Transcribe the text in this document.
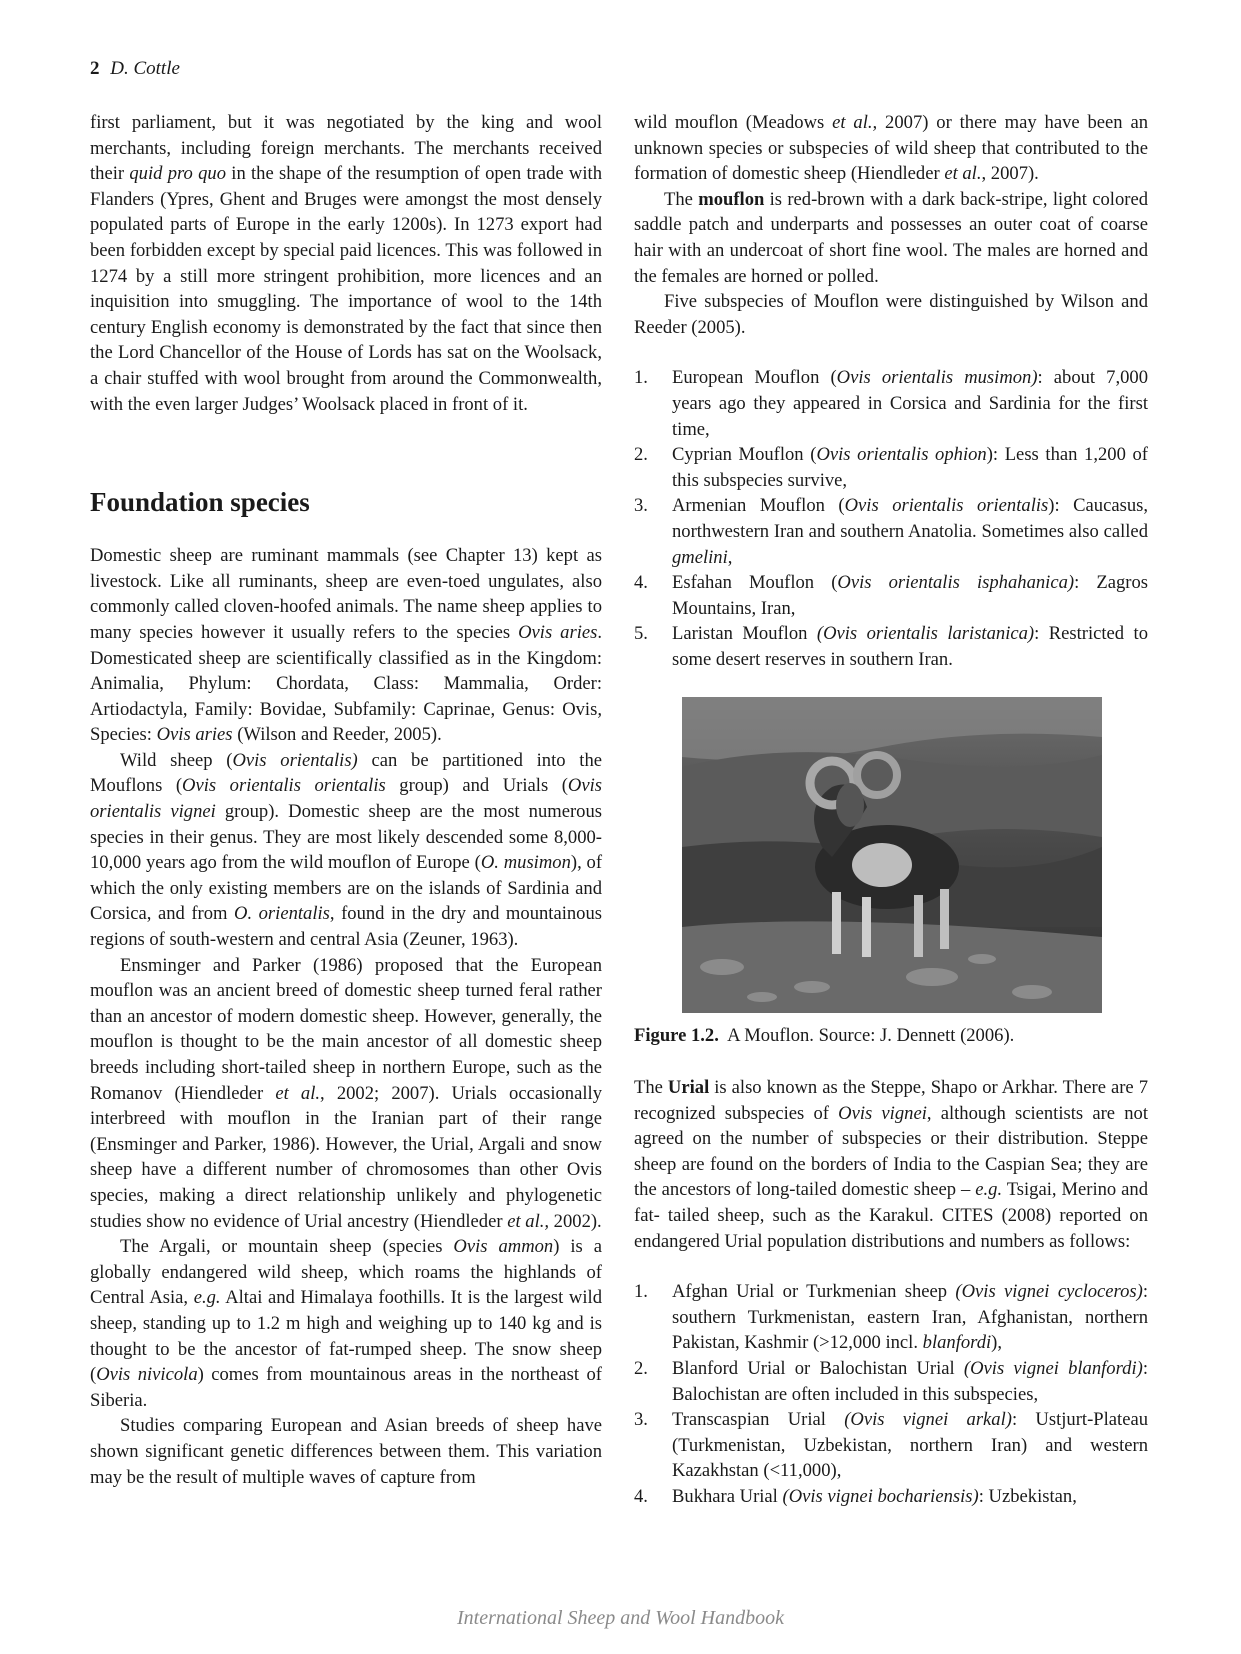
2 D. Cottle

first parliament, but it was negotiated by the king and wool merchants, including foreign merchants. The merchants received their quid pro quo in the shape of the resumption of open trade with Flanders (Ypres, Ghent and Bruges were amongst the most densely populated parts of Europe in the early 1200s). In 1273 export had been forbidden except by special paid licences. This was followed in 1274 by a still more stringent prohibition, more licences and an inquisition into smuggling. The importance of wool to the 14th century English economy is demonstrated by the fact that since then the Lord Chancellor of the House of Lords has sat on the Woolsack, a chair stuffed with wool brought from around the Commonwealth, with the even larger Judges’ Woolsack placed in front of it.

Foundation species

Domestic sheep are ruminant mammals (see Chapter 13) kept as livestock. Like all ruminants, sheep are even-toed ungulates, also commonly called cloven-hoofed animals. The name sheep applies to many species however it usually refers to the species Ovis aries. Domesticated sheep are scientifically classified as in the Kingdom: Animalia, Phylum: Chordata, Class: Mammalia, Order: Artiodactyla, Family: Bovidae, Subfamily: Caprinae, Genus: Ovis, Species: Ovis aries (Wilson and Reeder, 2005).

Wild sheep (Ovis orientalis) can be partitioned into the Mouflons (Ovis orientalis orientalis group) and Urials (Ovis orientalis vignei group). Domestic sheep are the most numerous species in their genus. They are most likely descended some 8,000-10,000 years ago from the wild mouflon of Europe (O. musimon), of which the only existing members are on the islands of Sardinia and Corsica, and from O. orientalis, found in the dry and mountainous regions of south-western and central Asia (Zeuner, 1963).

Ensminger and Parker (1986) proposed that the European mouflon was an ancient breed of domestic sheep turned feral rather than an ancestor of modern domestic sheep. However, generally, the mouflon is thought to be the main ancestor of all domestic sheep breeds including short-tailed sheep in northern Europe, such as the Romanov (Hiendleder et al., 2002; 2007). Urials occasionally interbreed with mouflon in the Iranian part of their range (Ensminger and Parker, 1986). However, the Urial, Argali and snow sheep have a different number of chromosomes than other Ovis species, making a direct relationship unlikely and phylogenetic studies show no evidence of Urial ancestry (Hiendleder et al., 2002).

The Argali, or mountain sheep (species Ovis ammon) is a globally endangered wild sheep, which roams the highlands of Central Asia, e.g. Altai and Himalaya foothills. It is the largest wild sheep, standing up to 1.2 m high and weighing up to 140 kg and is thought to be the ancestor of fat-rumped sheep. The snow sheep (Ovis nivicola) comes from mountainous areas in the northeast of Siberia.

Studies comparing European and Asian breeds of sheep have shown significant genetic differences between them. This variation may be the result of multiple waves of capture from

wild mouflon (Meadows et al., 2007) or there may have been an unknown species or subspecies of wild sheep that contributed to the formation of domestic sheep (Hiendleder et al., 2007).

The mouflon is red-brown with a dark back-stripe, light colored saddle patch and underparts and possesses an outer coat of coarse hair with an undercoat of short fine wool. The males are horned and the females are horned or polled.

Five subspecies of Mouflon were distinguished by Wilson and Reeder (2005).

1. European Mouflon (Ovis orientalis musimon): about 7,000 years ago they appeared in Corsica and Sardinia for the first time,
2. Cyprian Mouflon (Ovis orientalis ophion): Less than 1,200 of this subspecies survive,
3. Armenian Mouflon (Ovis orientalis orientalis): Caucasus, northwestern Iran and southern Anatolia. Sometimes also called gmelini,
4. Esfahan Mouflon (Ovis orientalis isphahanica): Zagros Mountains, Iran,
5. Laristan Mouflon (Ovis orientalis laristanica): Restricted to some desert reserves in southern Iran.

Figure 1.2. A Mouflon. Source: J. Dennett (2006).

The Urial is also known as the Steppe, Shapo or Arkhar. There are 7 recognized subspecies of Ovis vignei, although scientists are not agreed on the number of subspecies or their distribution. Steppe sheep are found on the borders of India to the Caspian Sea; they are the ancestors of long-tailed domestic sheep – e.g. Tsigai, Merino and fat- tailed sheep, such as the Karakul. CITES (2008) reported on endangered Urial population distributions and numbers as follows:

1. Afghan Urial or Turkmenian sheep (Ovis vignei cycloceros): southern Turkmenistan, eastern Iran, Afghanistan, northern Pakistan, Kashmir (>12,000 incl. blanfordi),
2. Blanford Urial or Balochistan Urial (Ovis vignei blanfordi): Balochistan are often included in this subspecies,
3. Transcaspian Urial (Ovis vignei arkal): Ustjurt-Plateau (Turkmenistan, Uzbekistan, northern Iran) and western Kazakhstan (<11,000),
4. Bukhara Urial (Ovis vignei bochariensis): Uzbekistan,
International Sheep and Wool Handbook
